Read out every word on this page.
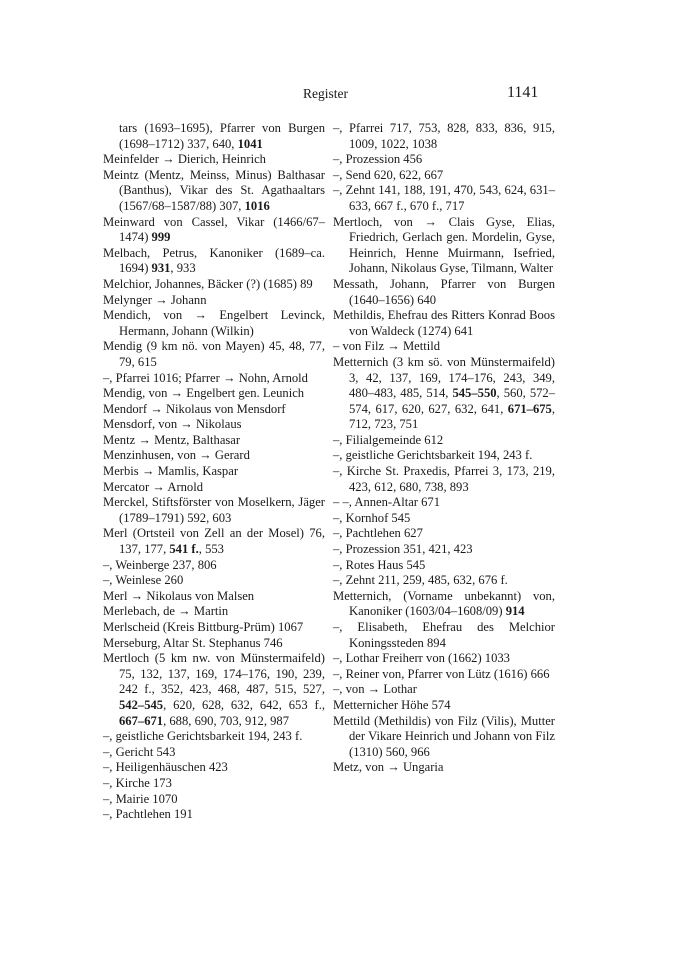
Register	1141

tars (1693–1695), Pfarrer von Burgen (1698–1712) 337, 640, 1041

Meinfelder → Dierich, Heinrich

Meintz (Mentz, Meinss, Minus) Balthasar (Banthus), Vikar des St. Agathaaltars (1567/68–1587/88) 307, 1016

Meinward von Cassel, Vikar (1466/67–1474) 999

Melbach, Petrus, Kanoniker (1689–ca. 1694) 931, 933

Melchior, Johannes, Bäcker (?) (1685) 89

Melynger → Johann

Mendich, von → Engelbert Levinck, Hermann, Johann (Wilkin)

Mendig (9 km nö. von Mayen) 45, 48, 77, 79, 615

–, Pfarrei 1016; Pfarrer → Nohn, Arnold

Mendig, von → Engelbert gen. Leunich

Mendorf → Nikolaus von Mensdorf

Mensdorf, von → Nikolaus

Mentz → Mentz, Balthasar

Menzinhusen, von → Gerard

Merbis → Mamlis, Kaspar

Mercator → Arnold

Merckel, Stiftsförster von Moselkern, Jäger (1789–1791) 592, 603

Merl (Ortsteil von Zell an der Mosel) 76, 137, 177, 541 f., 553

–, Weinberge 237, 806

–, Weinlese 260

Merl → Nikolaus von Malsen

Merlebach, de → Martin

Merlscheid (Kreis Bittburg-Prüm) 1067

Merseburg, Altar St. Stephanus 746

Mertloch (5 km nw. von Münstermaifeld) 75, 132, 137, 169, 174–176, 190, 239, 242 f., 352, 423, 468, 487, 515, 527, 542–545, 620, 628, 632, 642, 653 f., 667–671, 688, 690, 703, 912, 987

–, geistliche Gerichtsbarkeit 194, 243 f.

–, Gericht 543

–, Heiligenhäuschen 423

–, Kirche 173

–, Mairie 1070

–, Pachtlehen 191

–, Pfarrei 717, 753, 828, 833, 836, 915, 1009, 1022, 1038

–, Prozession 456

–, Send 620, 622, 667

–, Zehnt 141, 188, 191, 470, 543, 624, 631–633, 667 f., 670 f., 717

Mertloch, von → Clais Gyse, Elias, Friedrich, Gerlach gen. Mordelin, Gyse, Heinrich, Henne Muirmann, Isefried, Johann, Nikolaus Gyse, Tilmann, Walter

Messath, Johann, Pfarrer von Burgen (1640–1656) 640

Methildis, Ehefrau des Ritters Konrad Boos von Waldeck (1274) 641

– von Filz → Mettild

Metternich (3 km sö. von Münstermaifeld) 3, 42, 137, 169, 174–176, 243, 349, 480–483, 485, 514, 545–550, 560, 572–574, 617, 620, 627, 632, 641, 671–675, 712, 723, 751

–, Filialgemeinde 612

–, geistliche Gerichtsbarkeit 194, 243 f.

–, Kirche St. Praxedis, Pfarrei 3, 173, 219, 423, 612, 680, 738, 893

– –, Annen-Altar 671

–, Kornhof 545

–, Pachtlehen 627

–, Prozession 351, 421, 423

–, Rotes Haus 545

–, Zehnt 211, 259, 485, 632, 676 f.

Metternich, (Vorname unbekannt) von, Kanoniker (1603/04–1608/09) 914

–, Elisabeth, Ehefrau des Melchior Koningssteden 894

–, Lothar Freiherr von (1662) 1033

–, Reiner von, Pfarrer von Lütz (1616) 666

–, von → Lothar

Metternicher Höhe 574

Mettild (Methildis) von Filz (Vilis), Mutter der Vikare Heinrich und Johann von Filz (1310) 560, 966

Metz, von → Ungaria
